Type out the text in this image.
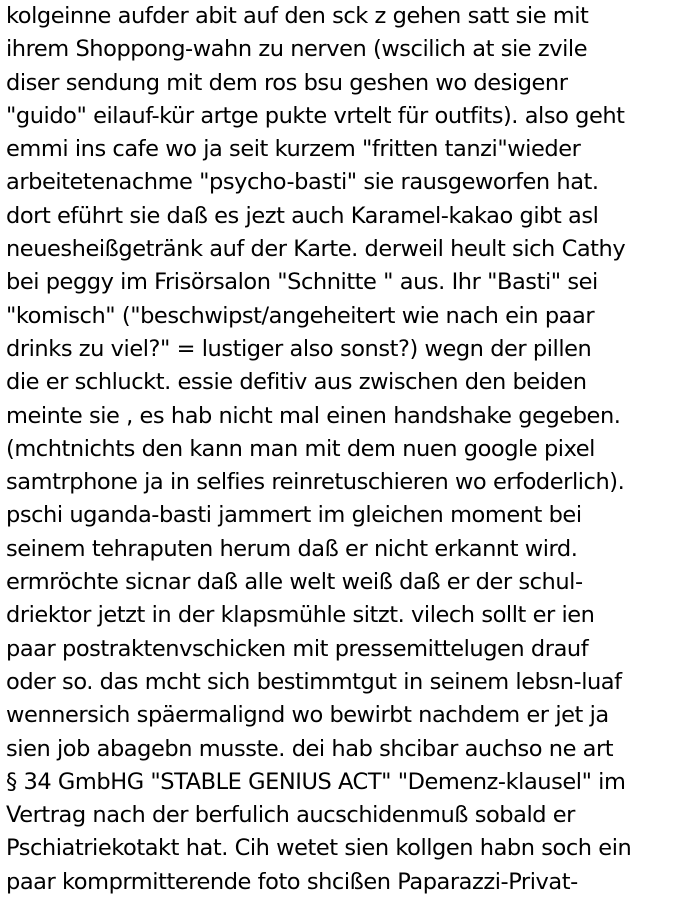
kolgeinne aufder abit auf den sck z gehen satt sie mit
ihrem Shoppong-wahn zu nerven (wscilich at sie zvile
diser sendung mit dem ros bsu geshen wo desigenr
"guido" eilauf-kür artge pukte vrtelt für outfits). also geht
emmi ins cafe wo ja seit kurzem "fritten tanzi"wieder
arbeitetenachme "psycho-basti" sie rausgeworfen hat.
dort eführt sie daß es jezt auch Karamel-kakao gibt asl
neuesheißgetränk auf der Karte. derweil heult sich Cathy
bei peggy im Frisörsalon "Schnitte " aus. Ihr "Basti" sei
"komisch" ("beschwipst/angeheitert wie nach ein paar
drinks zu viel?" = lustiger also sonst?) wegn der pillen
die er schluckt. essie defitiv aus zwischen den beiden
meinte sie , es hab nicht mal einen handshake gegeben.
(mchtnichts den kann man mit dem nuen google pixel
samtrphone ja in selfies reinretuschieren wo erfoderlich).
pschi uganda-basti jammert im gleichen moment bei
seinem tehraputen herum daß er nicht erkannt wird.
ermröchte sicnar daß alle welt weiß daß er der schul-
driektor jetzt in der klapsmühle sitzt. vilech sollt er ien
paar postraktenvschicken mit pressemittelugen drauf
oder so. das mcht sich bestimmtgut in seinem lebsn-luaf
wennersich späermalignd wo bewirbt nachdem er jet ja
sien job abagebn musste. dei hab shcibar auchso ne art
§ 34 GmbHG "STABLE GENIUS ACT" "Demenz-klausel" im
Vertrag nach der berfulich aucschidenmuß sobald er
Pschiatriekotakt hat. Cih wetet sien kollgen habn soch ein
paar komprmitterende foto shcißen Paparazzi-Privat-
